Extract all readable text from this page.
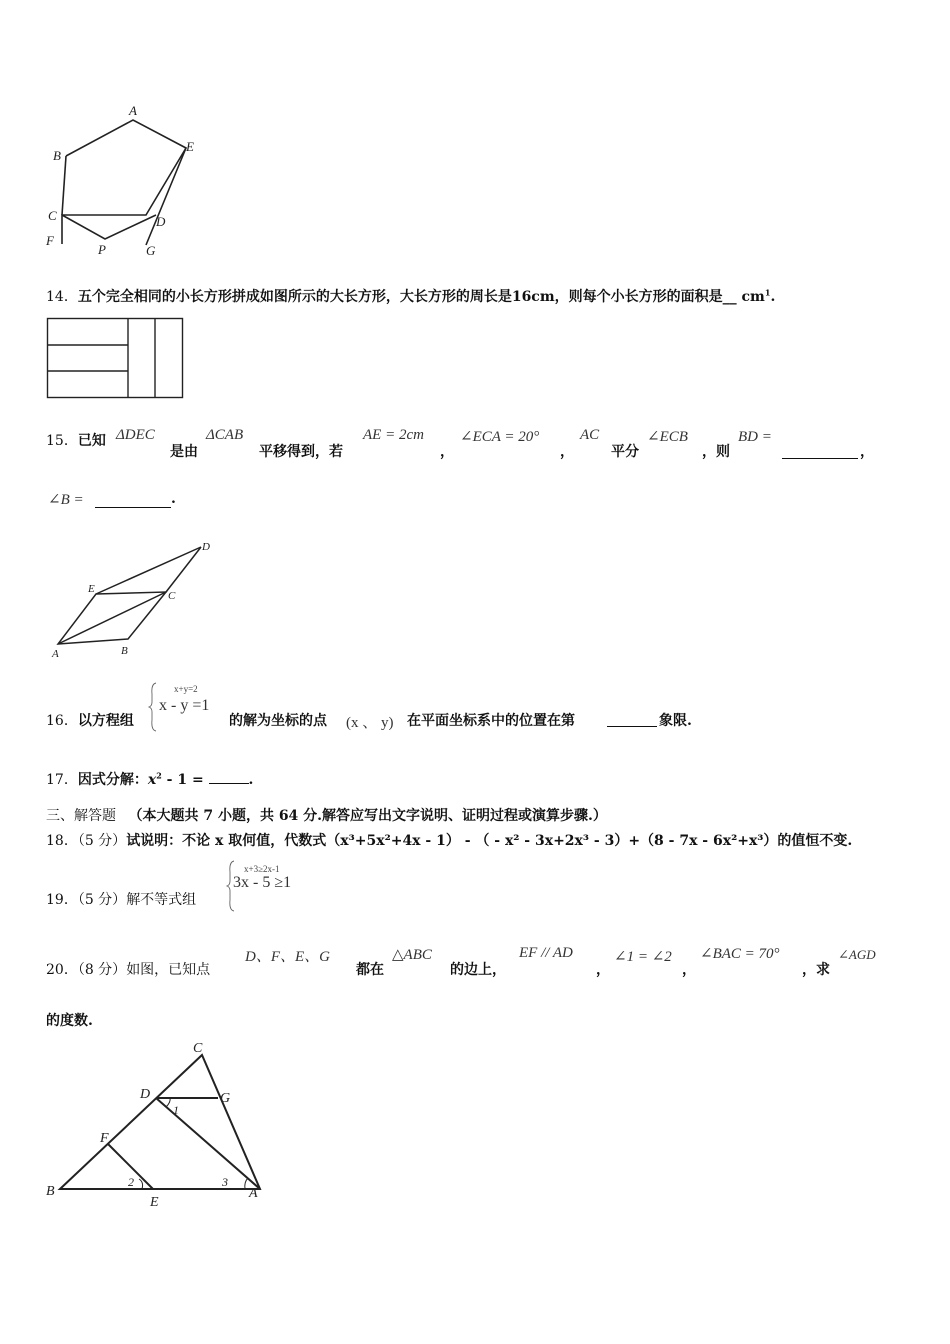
A
B
E
C	D
F
P	G
14．五个完全相同的小长方形拼成如图所示的大长方形，大长方形的周长是16cm，则每个小长方形的面积是__ $cm^1$.
15．已知 ΔDEC
是由
ΔCAB
平移得到，若
AE = 2cm
，
∠ECA = 20°
，
AC
平分
∠ECB
，则
BD =
，
∠B =	.
D
E
C
A	B
16．以方程组
x+y=2
x - y =1
的解为坐标的点 (x 、 y) 在平面坐标系中的位置在第	象限.
17．因式分解：$x^2 - 1$ =	.
三、解答题 （本大题共 7 小题，共 64 分.解答应写出文字说明、证明过程或演算步骤.）
18．（5 分）试说明：不论 x 取何值，代数式（x³+5x²+4x - 1） - （ - x² - 3x+2x³ - 3）+（8 - 7x - 6x²+x³）的值恒不变.
19．（5 分）解不等式组
x+3≥2x-1
3x - 5 ≥1
20．（8 分）如图，已知点
D、F、E、G
都在
△ABC
的边上，
EF // AD
，
∠1 = ∠2
，
∠BAC = 70°
，求
∠AGD
的度数.
C
D	G
1
F
B
2
E
3
A
